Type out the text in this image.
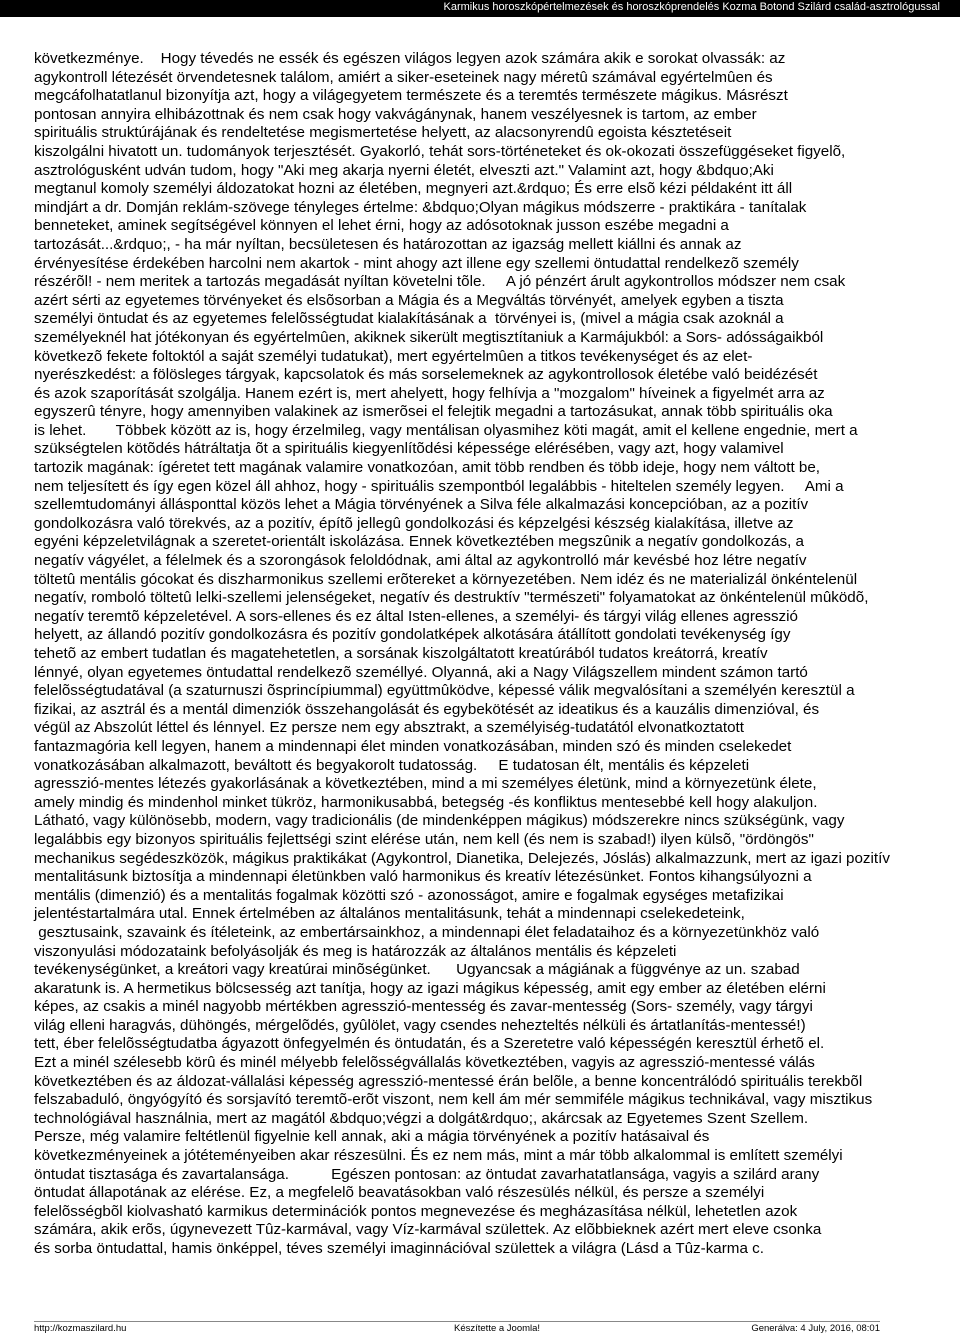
Karmikus horoszkópértelmezések és horoszkóprendelés Kozma Botond Szilárd család-asztrológussal
következménye.    Hogy tévedés ne essék és egészen világos legyen azok számára akik e sorokat olvassák: az
agykontroll létezését örvendetesnek találom, amiért a siker-eseteinek nagy méretû számával egyértelmûen és
megcáfolhatatlanul bizonyítja azt, hogy a világegyetem természete és a teremtés természete mágikus. Másrészt
pontosan annyira elhibázottnak és nem csak hogy vakvágánynak, hanem veszélyesnek is tartom, az ember
spirituális struktúrájának és rendeltetése megismertetése helyett, az alacsonyrendû egoista késztetéseit
kiszolgálni hivatott un. tudományok terjesztését. Gyakorló, tehát sors-történeteket és ok-okozati összefüggéseket figyelõ,
asztrológusként udván tudom, hogy "Aki meg akarja nyerni életét, elveszti azt." Valamint azt, hogy &bdquo;Aki
megtanul komoly személyi áldozatokat hozni az életében, megnyeri azt.&rdquo; És erre elsõ kézi példaként itt áll
mindjárt a dr. Domján reklám-szövege tényleges értelme: &bdquo;Olyan mágikus módszerre - praktikára - tanítalak
benneteket, aminek segítségével könnyen el lehet érni, hogy az adósotoknak jusson eszébe megadni a
tartozását...&rdquo;, - ha már nyíltan, becsületesen és határozottan az igazság mellett kiállni és annak az
érvényesítése érdekében harcolni nem akartok - mint ahogy azt illene egy szellemi öntudattal rendelkezõ személy
részérõl! - nem meritek a tartozás megadását nyíltan követelni tõle.     A jó pénzért árult agykontrollos módszer nem csak
azért sérti az egyetemes törvényeket és elsõsorban a Mágia és a Megváltás törvényét, amelyek egyben a tiszta
személyi öntudat és az egyetemes felelõsségtudat kialakításának a  törvényei is, (mivel a mágia csak azoknál a
személyeknél hat jótékonyan és egyértelmûen, akiknek sikerült megtisztítaniuk a Karmájukból: a Sors- adósságaikból
következõ fekete foltoktól a saját személyi tudatukat), mert egyértelmûen a titkos tevékenységet és az elet-
nyerészkedést: a fölösleges tárgyak, kapcsolatok és más sorselemeknek az agykontrollosok életébe való beidézését
és azok szaporítását szolgálja. Hanem ezért is, mert ahelyett, hogy felhívja a "mozgalom" híveinek a figyelmét arra az
egyszerû tényre, hogy amennyiben valakinek az ismerõsei el felejtik megadni a tartozásukat, annak több spirituális oka
is lehet.       Többek között az is, hogy érzelmileg, vagy mentálisan olyasmihez köti magát, amit el kellene engednie, mert a
szükségtelen kötõdés hátráltatja õt a spirituális kiegyenlítõdési képessége elérésében, vagy azt, hogy valamivel
tartozik magának: ígéretet tett magának valamire vonatkozóan, amit több rendben és több ideje, hogy nem váltott be,
nem teljesített és így egen közel áll ahhoz, hogy - spirituális szempontból legalábbis - hiteltelen személy legyen.     Ami a
szellemtudományi állásponttal közös lehet a Mágia törvényének a Silva féle alkalmazási koncepcióban, az a pozitív
gondolkozásra való törekvés, az a pozitív, építõ jellegû gondolkozási és képzelgési készség kialakítása, illetve az
egyéni képzeletvilágnak a szeretet-orientált iskolázása. Ennek következtében megszûnik a negatív gondolkozás, a
negatív vágyélet, a félelmek és a szorongások feloldódnak, ami által az agykontrolló már kevésbé hoz létre negatív
töltetû mentális gócokat és diszharmonikus szellemi erõtereket a környezetében. Nem idéz és ne materializál önkéntelenül
negatív, romboló töltetû lelki-szellemi jelenségeket, negatív és destruktív "természeti" folyamatokat az önkéntelenül mûködõ,
negatív teremtõ képzeletével. A sors-ellenes és ez által Isten-ellenes, a személyi- és tárgyi világ ellenes agresszió
helyett, az állandó pozitív gondolkozásra és pozitív gondolatképek alkotására átállított gondolati tevékenység így
tehetõ az embert tudatlan és magatehetetlen, a sorsának kiszolgáltatott kreatúrából tudatos kreátorrá, kreatív
lénnyé, olyan egyetemes öntudattal rendelkezõ személlyé. Olyanná, aki a Nagy Világszellem mindent számon tartó
felelõsségtudatával (a szaturnuszi õsprincípiummal) együttmûködve, képessé válik megvalósítani a személyén keresztül a
fizikai, az asztrál és a mentál dimenziók összehangolását és egybekötését az ideatikus és a kauzális dimenzióval, és
végül az Abszolút léttel és lénnyel. Ez persze nem egy absztrakt, a személyiség-tudatától elvonatkoztatott
fantazmagória kell legyen, hanem a mindennapi élet minden vonatkozásában, minden szó és minden cselekedet
vonatkozásában alkalmazott, beváltott és begyakorolt tudatosság.     E tudatosan élt, mentális és képzeleti
agresszió-mentes létezés gyakorlásának a következtében, mind a mi személyes életünk, mind a környezetünk élete,
amely mindig és mindenhol minket tükröz, harmonikusabbá, betegség -és konfliktus mentesebbé kell hogy alakuljon.
Látható, vagy különösebb, modern, vagy tradicionális (de mindenképpen mágikus) módszerekre nincs szükségünk, vagy
legalábbis egy bizonyos spirituális fejlettségi szint elérése után, nem kell (és nem is szabad!) ilyen külsõ, "ördöngös"
mechanikus segédeszközök, mágikus praktikákat (Agykontrol, Dianetika, Delejezés, Jóslás) alkalmazzunk, mert az igazi pozitív
mentalitásunk biztosítja a mindennapi életünkben való harmonikus és kreatív létezésünket. Fontos kihangsúlyozni a
mentális (dimenzió) és a mentalitás fogalmak közötti szó - azonosságot, amire e fogalmak egységes metafizikai
jelentéstartalmára utal. Ennek értelmében az általános mentalitásunk, tehát a mindennapi cselekedeteink,
gesztusaink, szavaink és ítéleteink, az embertársainkhoz, a mindennapi élet feladataihoz és a környezetünkhöz való
viszonyulási módozataink befolyásolják és meg is határozzák az általános mentális és képzeleti
tevékenységünket, a kreátori vagy kreatúrai minõségünket.      Ugyancsak a mágiának a függvénye az un. szabad
akaratunk is. A hermetikus bölcsesség azt tanítja, hogy az igazi mágikus képesség, amit egy ember az életében elérni
képes, az csakis a minél nagyobb mértékben agresszió-mentesség és zavar-mentesség (Sors- személy, vagy tárgyi
világ elleni haragvás, dühöngés, mérgelõdés, gyûlölet, vagy csendes nehezteltés nélküli és ártatlanítás-mentessé!)
tett, éber felelõsségtudatba ágyazott önfegyelmén és öntudatán, és a Szeretetre való képességén keresztül érhetõ el.
Ezt a minél szélesebb körû és minél mélyebb felelõsségvállalás következtében, vagyis az agresszió-mentessé válás
következtében és az áldozat-vállalási képesség agresszió-mentessé érán belõle, a benne koncentrálódó spirituális terekbõl
felszabaduló, öngyógyító és sorsjavító teremtõ-erõt viszont, nem kell ám mér semmiféle mágikus technikával, vagy misztikus
technológiával használnia, mert az magától &bdquo;végzi a dolgát&rdquo;, akárcsak az Egyetemes Szent Szellem.
Persze, még valamire feltétlenül figyelnie kell annak, aki a mágia törvényének a pozitív hatásaival és
következményeinek a jótéteményeiben akar részesülni. És ez nem más, mint a már több alkalommal is említett személyi
öntudat tisztasága és zavartalansága.          Egészen pontosan: az öntudat zavarhatatlansága, vagyis a szilárd arany
öntudat állapotának az elérése. Ez, a megfelelõ beavatásokban való részesülés nélkül, és persze a személyi
felelõsségbõl kiolvasható karmikus determinációk pontos megnevezése és megházasítása nélkül, lehetetlen azok
számára, akik erõs, úgynevezett Tûz-karmával, vagy Víz-karmával születtek. Az elõbbieknek azért mert eleve csonka
és sorba öntudattal, hamis önképpel, téves személyi imaginnációval születtek a világra (Lásd a Tûz-karma c.
http://kozmaszilard.hu	Készítette a Joomla!	Generálva: 4 July, 2016, 08:01
